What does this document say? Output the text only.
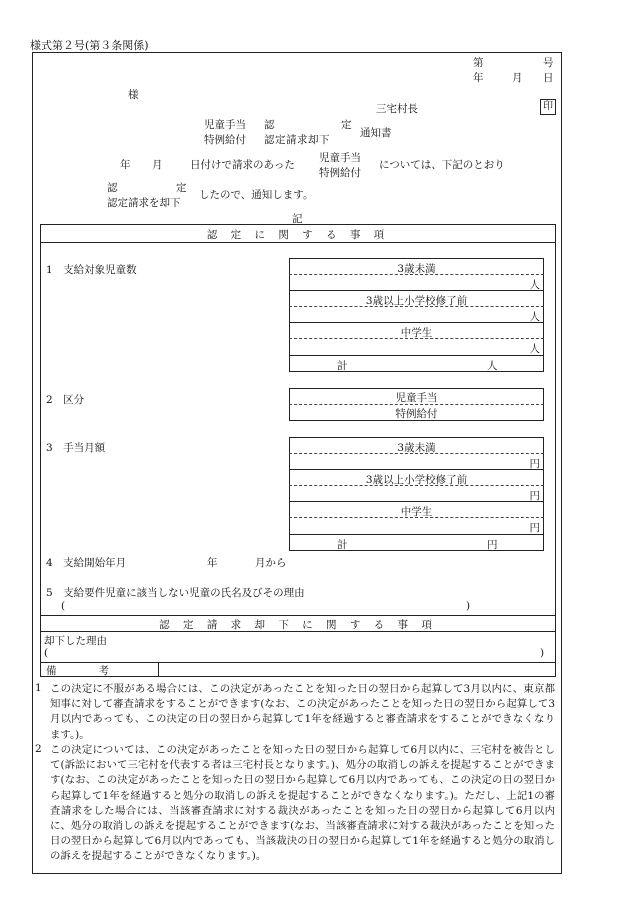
様式第２号(第３条関係)
第	号
年	月 日
様
三宅村長	印
児童手当
特例給付
認	定
認定請求却下
通知書
年 月	日付けで請求のあった
児童手当
特例給付
については、下記のとおり
認	定
認定請求を却下
したので、通知します。
記
認 定 に 関 す る 事 項
1　支給対象児童数	3歳未満
人
3歳以上小学校修了前
人
中学生
人
計	人
2　区分	児童手当
特例給付
3　手当月額	3歳未満
円
3歳以上小学校修了前
円
中学生
円
計	円
4　支給開始年月	年	月から
5　支給要件児童に該当しない児童の氏名及びその理由
(	)
認 定 請 求 却 下 に 関 す る 事 項
却下した理由
(	)
備　　　　考
1 この決定に不服がある場合には、この決定があったことを知った日の翌日から起算して3月以内に、東京都知事に対して審査請求をすることができます(なお、この決定があったことを知った日の翌日から起算して3月以内であっても、この決定の日の翌日から起算して1年を経過すると審査請求をすることができなくなります。)。
2 この決定については、この決定があったことを知った日の翌日から起算して6月以内に、三宅村を被告として(訴訟において三宅村を代表する者は三宅村長となります。)、処分の取消しの訴えを提起することができます(なお、この決定があったことを知った日の翌日から起算して6月以内であっても、この決定の日の翌日から起算して1年を経過すると処分の取消しの訴えを提起することができなくなります。)。ただし、上記1の審査請求をした場合には、当該審査請求に対する裁決があったことを知った日の翌日から起算して6月以内に、処分の取消しの訴えを提起することができます(なお、当該審査請求に対する裁決があったことを知った日の翌日から起算して6月以内であっても、当該裁決の日の翌日から起算して1年を経過すると処分の取消しの訴えを提起することができなくなります。)。
